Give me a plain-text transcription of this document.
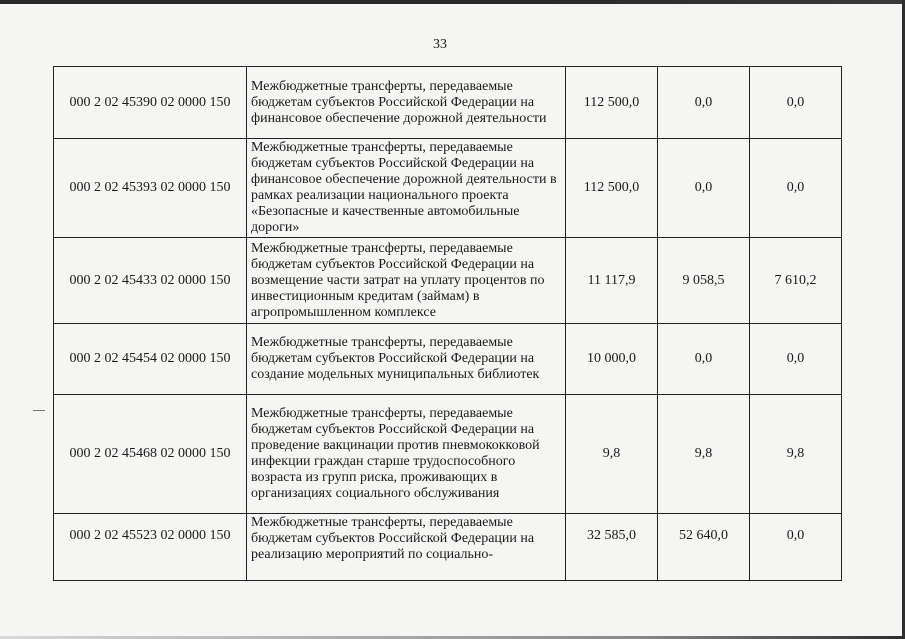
33
000 2 02 45390 02 0000 150	Межбюджетные трансферты, передаваемые бюджетам субъектов Российской Федерации на финансовое обеспечение дорожной деятельности	112 500,0	0,0	0,0
000 2 02 45393 02 0000 150	Межбюджетные трансферты, передаваемые бюджетам субъектов Российской Федерации на финансовое обеспечение дорожной деятельности в рамках реализации национального проекта «Безопасные и качественные автомобильные дороги»	112 500,0	0,0	0,0
000 2 02 45433 02 0000 150	Межбюджетные трансферты, передаваемые бюджетам субъектов Российской Федерации на возмещение части затрат на уплату процентов по инвестиционным кредитам (займам) в агропромышленном комплексе	11 117,9	9 058,5	7 610,2
000 2 02 45454 02 0000 150	Межбюджетные трансферты, передаваемые бюджетам субъектов Российской Федерации на создание модельных муниципальных библиотек	10 000,0	0,0	0,0
000 2 02 45468 02 0000 150	Межбюджетные трансферты, передаваемые бюджетам субъектов Российской Федерации на проведение вакцинации против пневмококковой инфекции граждан старше трудоспособного возраста из групп риска, проживающих в организациях социального обслуживания	9,8	9,8	9,8
000 2 02 45523 02 0000 150	Межбюджетные трансферты, передаваемые бюджетам субъектов Российской Федерации на реализацию мероприятий по социально-	32 585,0	52 640,0	0,0
